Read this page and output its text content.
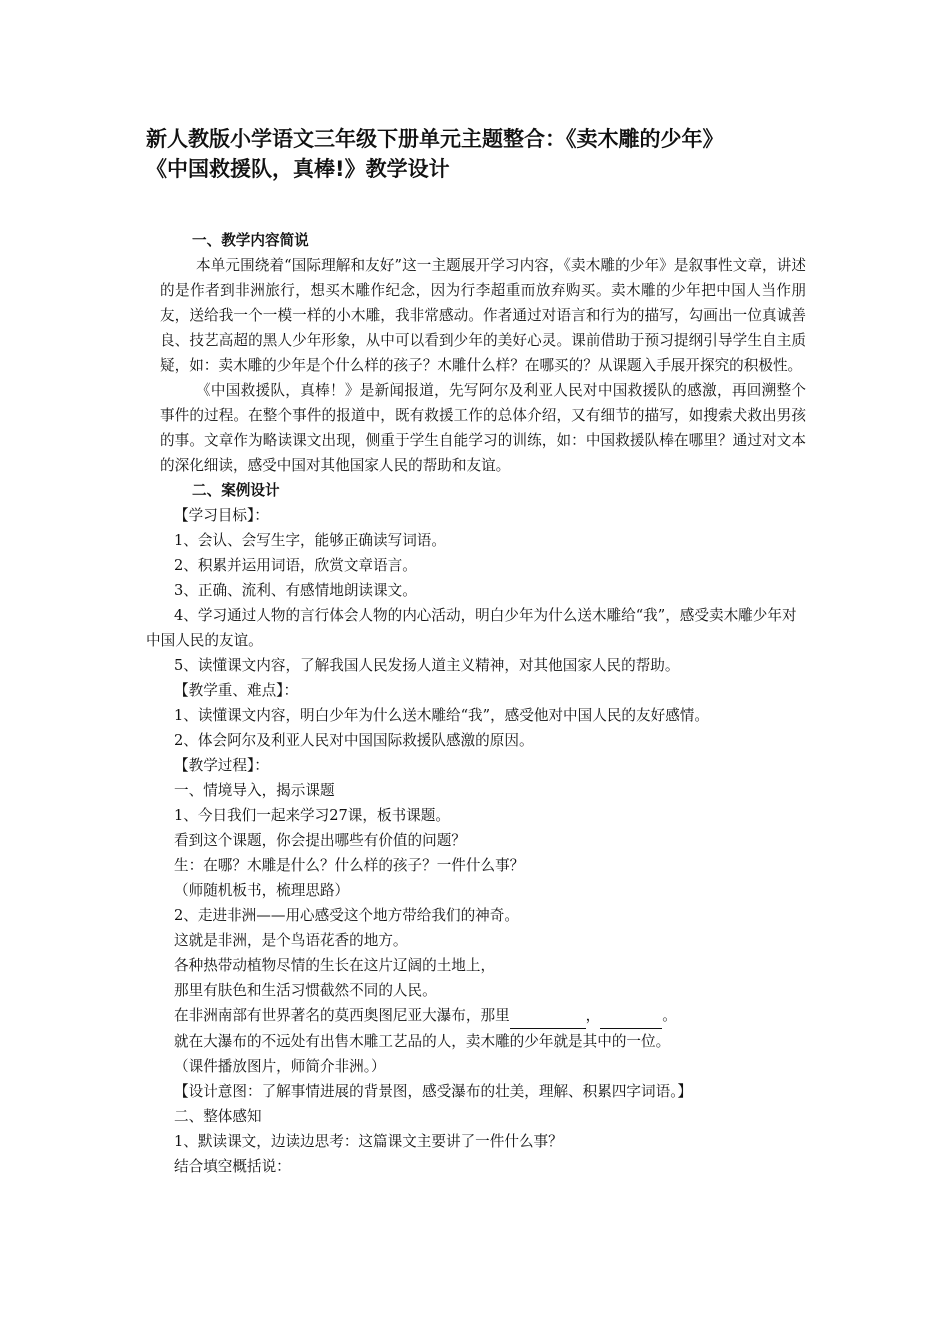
新人教版小学语文三年级下册单元主题整合：《卖木雕的少年》
《中国救援队，真棒!》教学设计

一、教学内容简说

本单元围绕着“国际理解和友好”这一主题展开学习内容，《卖木雕的少年》是叙事性文章，讲述的是作者到非洲旅行，想买木雕作纪念，因为行李超重而放弃购买。卖木雕的少年把中国人当作朋友，送给我一个一模一样的小木雕，我非常感动。作者通过对语言和行为的描写，勾画出一位真诚善良、技艺高超的黑人少年形象，从中可以看到少年的美好心灵。课前借助于预习提纲引导学生自主质疑，如：卖木雕的少年是个什么样的孩子？木雕什么样？在哪买的？从课题入手展开探究的积极性。

《中国救援队，真棒！》是新闻报道，先写阿尔及利亚人民对中国救援队的感激，再回溯整个事件的过程。在整个事件的报道中，既有救援工作的总体介绍，又有细节的描写，如搜索犬救出男孩的事。文章作为略读课文出现，侧重于学生自能学习的训练，如：中国救援队棒在哪里？通过对文本的深化细读，感受中国对其他国家人民的帮助和友谊。

二、案例设计

【学习目标】：

1、会认、会写生字，能够正确读写词语。

2、积累并运用词语，欣赏文章语言。

3、正确、流利、有感情地朗读课文。

4、学习通过人物的言行体会人物的内心活动，明白少年为什么送木雕给“我”，感受卖木雕少年对中国人民的友谊。

5、读懂课文内容，了解我国人民发扬人道主义精神，对其他国家人民的帮助。

【教学重、难点】：

1、读懂课文内容，明白少年为什么送木雕给“我”，感受他对中国人民的友好感情。

2、体会阿尔及利亚人民对中国国际救援队感激的原因。

【教学过程】：

一、情境导入，揭示课题

1、今日我们一起来学习27课，板书课题。

看到这个课题，你会提出哪些有价值的问题？

生：在哪？木雕是什么？什么样的孩子？一件什么事？

（师随机板书，梳理思路）

2、走进非洲——用心感受这个地方带给我们的神奇。

这就是非洲，是个鸟语花香的地方。

各种热带动植物尽情的生长在这片辽阔的土地上，

那里有肤色和生活习惯截然不同的人民。

在非洲南部有世界著名的莫西奥图尼亚大瀑布，那里	，	。

就在大瀑布的不远处有出售木雕工艺品的人，卖木雕的少年就是其中的一位。

（课件播放图片，师简介非洲。）

【设计意图：了解事情进展的背景图，感受瀑布的壮美，理解、积累四字词语。】

二、整体感知

1、默读课文，边读边思考：这篇课文主要讲了一件什么事？

结合填空概括说：
